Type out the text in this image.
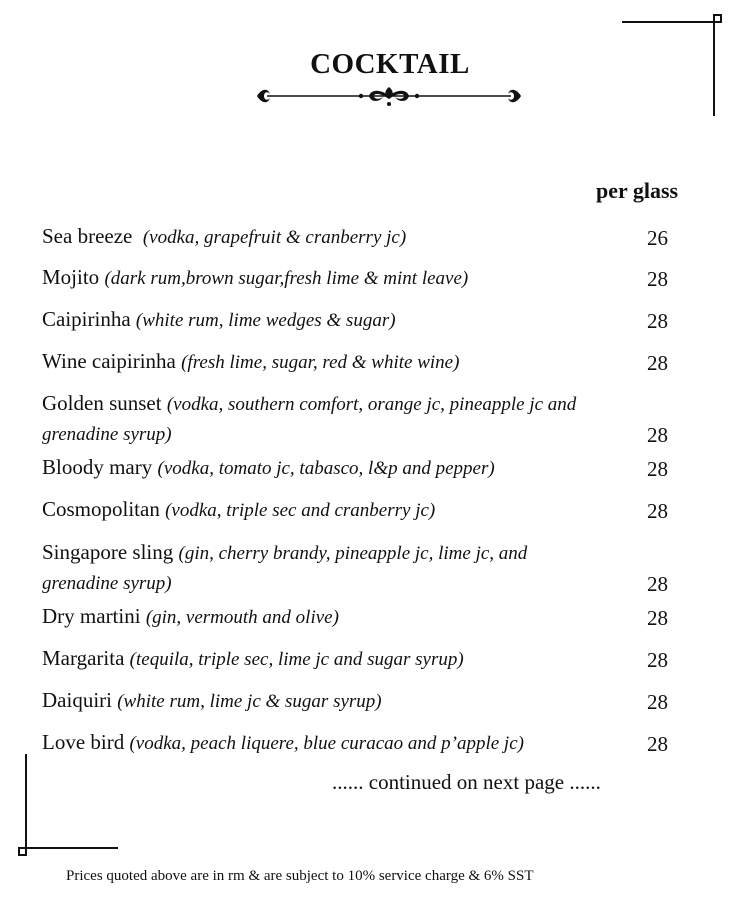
COCKTAIL
per glass
Sea breeze (vodka, grapefruit & cranberry jc)	26
Mojito (dark rum,brown sugar,fresh lime & mint leave)	28
Caipirinha (white rum, lime wedges & sugar)	28
Wine caipirinha (fresh lime, sugar, red & white wine)	28
Golden sunset (vodka, southern comfort, orange jc, pineapple jc and grenadine syrup)	28
Bloody mary (vodka, tomato jc, tabasco, l&p and pepper)	28
Cosmopolitan (vodka, triple sec and cranberry jc)	28
Singapore sling (gin, cherry brandy, pineapple jc, lime jc, and grenadine syrup)	28
Dry martini (gin, vermouth and olive)	28
Margarita (tequila, triple sec, lime jc and sugar syrup)	28
Daiquiri (white rum, lime jc & sugar syrup)	28
Love bird (vodka, peach liquere, blue curacao and p’apple jc)	28
...... continued on next page ......
Prices quoted above are in rm & are subject to 10% service charge & 6% SST
